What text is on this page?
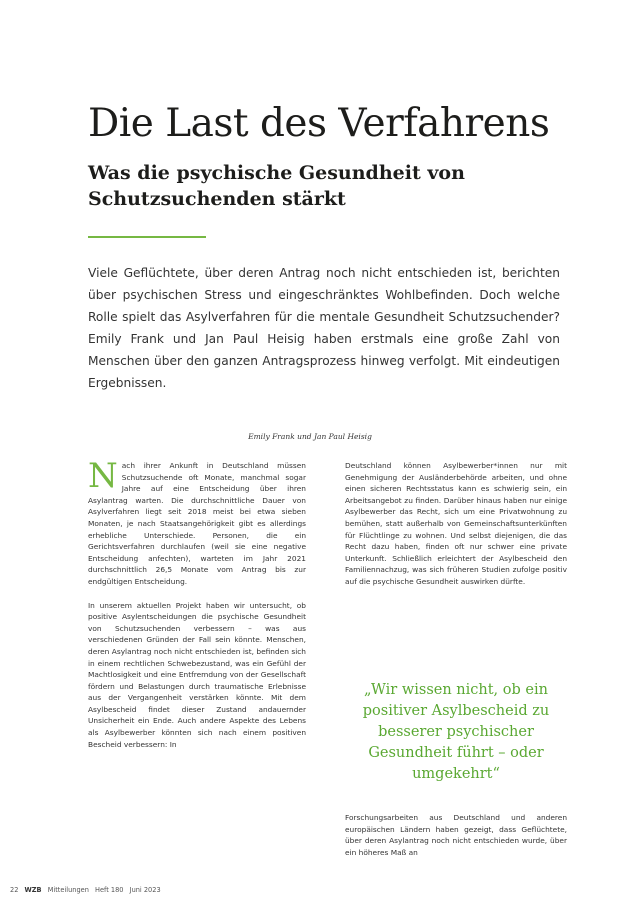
Die Last des Verfahrens
Was die psychische Gesundheit von Schutzsuchenden stärkt

Viele Geflüchtete, über deren Antrag noch nicht entschieden ist, berichten über psychischen Stress und eingeschränktes Wohlbefinden. Doch welche Rolle spielt das Asylverfahren für die mentale Gesundheit Schutzsuchender? Emily Frank und Jan Paul Heisig haben erstmals eine große Zahl von Menschen über den ganzen Antragsprozess hinweg verfolgt. Mit eindeutigen Ergebnissen.

Emily Frank und Jan Paul Heisig

Nach ihrer Ankunft in Deutschland müssen Schutzsuchende oft Monate, manchmal sogar Jahre auf eine Entscheidung über ihren Asylantrag warten. Die durchschnittliche Dauer von Asylverfahren liegt seit 2018 meist bei etwa sieben Monaten, je nach Staatsangehörigkeit gibt es allerdings erhebliche Unterschiede. Personen, die ein Gerichtsverfahren durchlaufen (weil sie eine negative Entscheidung anfechten), warteten im Jahr 2021 durchschnittlich 26,5 Monate vom Antrag bis zur endgültigen Entscheidung.

In unserem aktuellen Projekt haben wir untersucht, ob positive Asylentscheidungen die psychische Gesundheit von Schutzsuchenden verbessern – was aus verschiedenen Gründen der Fall sein könnte. Menschen, deren Asylantrag noch nicht entschieden ist, befinden sich in einem rechtlichen Schwebezustand, was ein Gefühl der Machtlosigkeit und eine Entfremdung von der Gesellschaft fördern und Belastungen durch traumatische Erlebnisse aus der Vergangenheit verstärken könnte. Mit dem Asylbescheid findet dieser Zustand andauernder Unsicherheit ein Ende. Auch andere Aspekte des Lebens als Asylbewerber könnten sich nach einem positiven Bescheid verbessern: In

Deutschland können Asylbewerber*innen nur mit Genehmigung der Ausländerbehörde arbeiten, und ohne einen sicheren Rechtsstatus kann es schwierig sein, ein Arbeitsangebot zu finden. Darüber hinaus haben nur einige Asylbewerber das Recht, sich um eine Privatwohnung zu bemühen, statt außerhalb von Gemeinschaftsunterkünften für Flüchtlinge zu wohnen. Und selbst diejenigen, die das Recht dazu haben, finden oft nur schwer eine private Unterkunft. Schließlich erleichtert der Asylbescheid den Familiennachzug, was sich früheren Studien zufolge positiv auf die psychische Gesundheit auswirken dürfte.

„Wir wissen nicht, ob ein positiver Asylbescheid zu besserer psychischer Gesundheit führt – oder umgekehrt“

Forschungsarbeiten aus Deutschland und anderen europäischen Ländern haben gezeigt, dass Geflüchtete, über deren Asylantrag noch nicht entschieden wurde, über ein höheres Maß an

22 WZB Mitteilungen Heft 180 Juni 2023
